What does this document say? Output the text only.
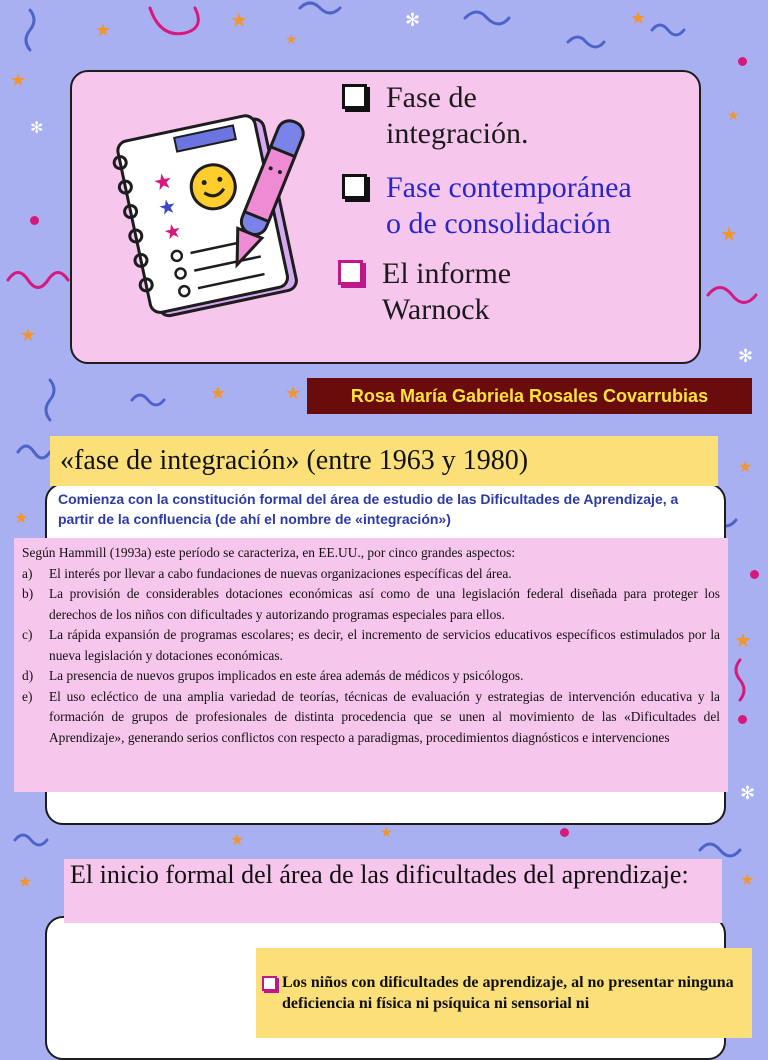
★	★
★
★
★
★
★
★
★	★
★
★
★
★
★
★
★
✻
✻
✻
✻
★
★
★
Fase de
integración.
Fase contemporánea
o de consolidación
El informe
Warnock
Rosa María Gabriela Rosales Covarrubias
«fase de integración» (entre 1963 y 1980)
Comienza con la constitución formal del área de estudio de las Dificultades de Aprendizaje, a partir de la confluencia (de ahí el nombre de «integración»)
Según Hammill (1993a) este período se caracteriza, en EE.UU., por cinco grandes aspectos:
a)	El interés por llevar a cabo fundaciones de nuevas organizaciones específicas del área.
b)	La provisión de considerables dotaciones económicas así como de una legislación federal diseñada para proteger los derechos de los niños con dificultades y autorizando programas especiales para ellos.
c)	La rápida expansión de programas escolares; es decir, el incremento de servicios educativos específicos estimulados por la nueva legislación y dotaciones económicas.
d)	La presencia de nuevos grupos implicados en este área además de médicos y psicólogos.
e)	El uso ecléctico de una amplia variedad de teorías, técnicas de evaluación y estrategias de intervención educativa y la formación de grupos de profesionales de distinta procedencia que se unen al movimiento de las «Dificultades del Aprendizaje», generando serios conflictos con respecto a paradigmas, procedimientos diagnósticos e intervenciones
El inicio formal del área de las dificultades del aprendizaje:
Los niños con dificultades de aprendizaje, al no presentar ninguna deficiencia ni física ni psíquica ni sensorial ni
